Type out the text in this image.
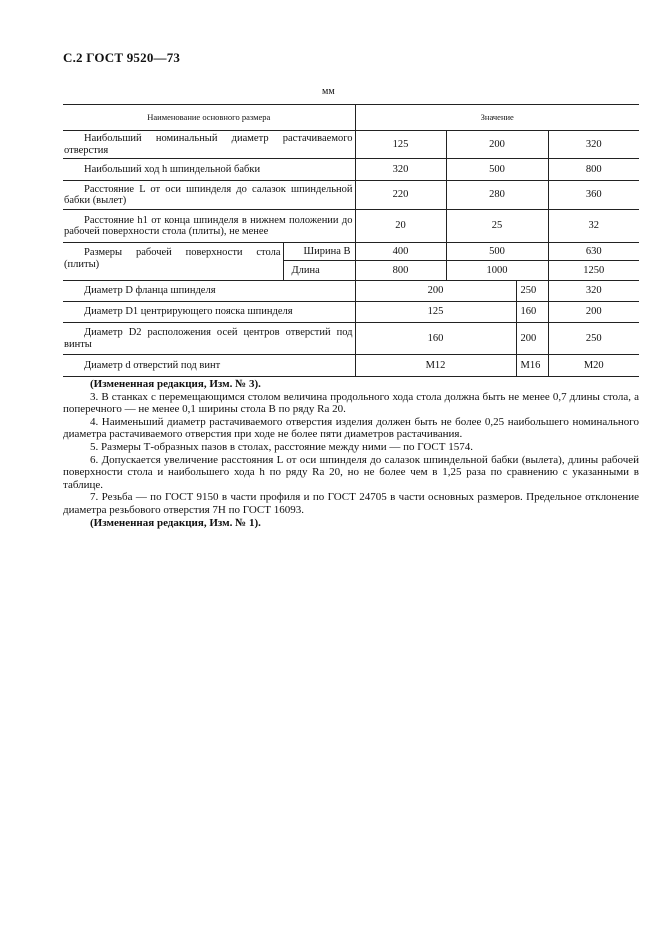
С.2 ГОСТ 9520—73
мм
Наименование основного размера		Значение			
Наибольший номинальный диаметр растачиваемого отверстия		125	200		320
Наибольший ход h шпиндельной бабки		320	500		800
Расстояние L от оси шпинделя до салазок шпиндельной бабки (вылет)		220	280		360
Расстояние h1 от конца шпинделя в нижнем положении до рабочей поверхности стола (плиты), не менее		20	25		32
Размеры рабочей поверхности стола (плиты)	Ширина B	400	500		630
	Длина	800	1000		1250
Диаметр D фланца шпинделя		200		250	320
Диаметр D1 центрирующего пояска шпинделя		125		160	200
Диаметр D2 расположения осей центров отверстий под винты		160		200	250
Диаметр d отверстий под винт		М12		М16	М20

(Измененная редакция, Изм. № 3).

3. В станках с перемещающимся столом величина продольного хода стола должна быть не менее 0,7 длины стола, а поперечного — не менее 0,1 ширины стола B по ряду Ra 20.

4. Наименьший диаметр растачиваемого отверстия изделия должен быть не более 0,25 наибольшего номинального диаметра растачиваемого отверстия при ходе не более пяти диаметров растачивания.

5. Размеры Т-образных пазов в столах, расстояние между ними — по ГОСТ 1574.

6. Допускается увеличение расстояния L от оси шпинделя до салазок шпиндельной бабки (вылета), длины рабочей поверхности стола и наибольшего хода h по ряду Ra 20, но не более чем в 1,25 раза по сравнению с указанными в таблице.

7. Резьба — по ГОСТ 9150 в части профиля и по ГОСТ 24705 в части основных размеров. Предельное отклонение диаметра резьбового отверстия 7H по ГОСТ 16093.

(Измененная редакция, Изм. № 1).
